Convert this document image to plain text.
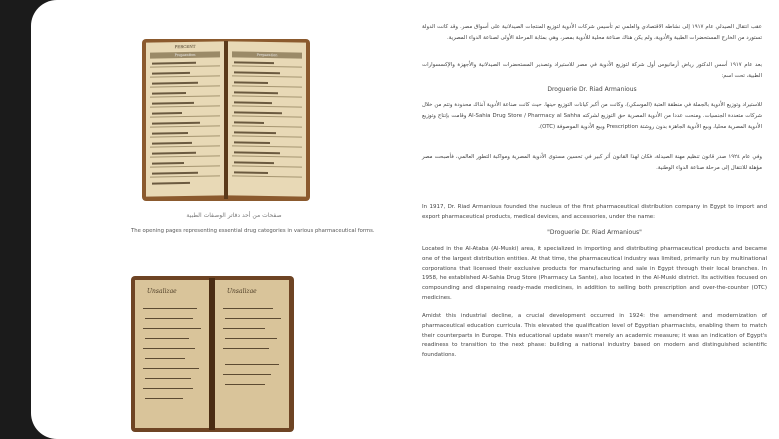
PERCENT
Preparation	Preparation
صفحات من أحد دفاتر الوصفات الطبية
The opening pages representing essential drug categories in various pharmaceutical forms.
Unsalizae	Unsalizae
عقب انتقال الصيدلي عام ١٩١٧ إلى نشاطه الاقتصادي والعلمي تم تأسيس شركات الأدوية لتوزيع المنتجات الصيدلانية على أسواق مصر. وقد كانت الدولة تستورد من الخارج المستحضرات الطبية والأدوية، ولم يكن هناك صناعة محلية للأدوية بمصر، وهي بمثابة المرحلة الأولى لصناعة الدواء المصرية.
بعد عام ١٩١٧ أسس الدكتور رياض أرمانيوس أول شركة لتوزيع الأدوية في مصر للاستيراد وتصدير المستحضرات الصيدلانية والأجهزة والإكسسوارات الطبية، تحت اسم:
Droguerie Dr. Riad Armanious
للاستيراد وتوزيع الأدوية بالجملة في منطقة العتبة (الموسكي)، وكانت من أكبر كيانات التوزيع حينها. حيث كانت صناعة الأدوية آنذاك محدودة وتتم من خلال شركات متعددة الجنسيات. ومنحت عددا من الأدوية المصرية حق التوزيع لشركته Al-Sahia Drug Store / Pharmacy al Sahha وقامت بإنتاج وتوزيع الأدوية المصرية محليا، وبيع الأدوية الجاهزة بدون روشتة Prescription وبيع الأدوية الموصوفة (OTC).
وفي عام ١٩٢٤ صدر قانون تنظيم مهنة الصيدلة، فكان لهذا القانون أثر كبير في تحسين مستوى الأدوية المصرية ومواكبة التطور العالمي، فأصبحت مصر مؤهلة للانتقال إلى مرحلة صناعة الدواء الوطنية.
In 1917, Dr. Riad Armanious founded the nucleus of the first pharmaceutical distribution company in Egypt to import and export pharmaceutical products, medical devices, and accessories, under the name:
"Droguerie Dr. Riad Armanious"
Located in the Al-Ataba (Al-Muski) area, it specialized in importing and distributing pharmaceutical products and became one of the largest distribution entities. At that time, the pharmaceutical industry was limited, primarily run by multinational corporations that licensed their exclusive products for manufacturing and sale in Egypt through their local branches. In 1958, he established Al-Sahia Drug Store (Pharmacy La Sante), also located in the Al-Muski district. Its activities focused on compounding and dispensing ready-made medicines, in addition to selling both prescription and over-the-counter (OTC) medicines.
Amidst this industrial decline, a crucial development occurred in 1924: the amendment and modernization of pharmaceutical education curricula. This elevated the qualification level of Egyptian pharmacists, enabling them to match their counterparts in Europe. This educational update wasn't merely an academic measure; it was an indication of Egypt's readiness to transition to the next phase: building a national industry based on modern and distinguished scientific foundations.
